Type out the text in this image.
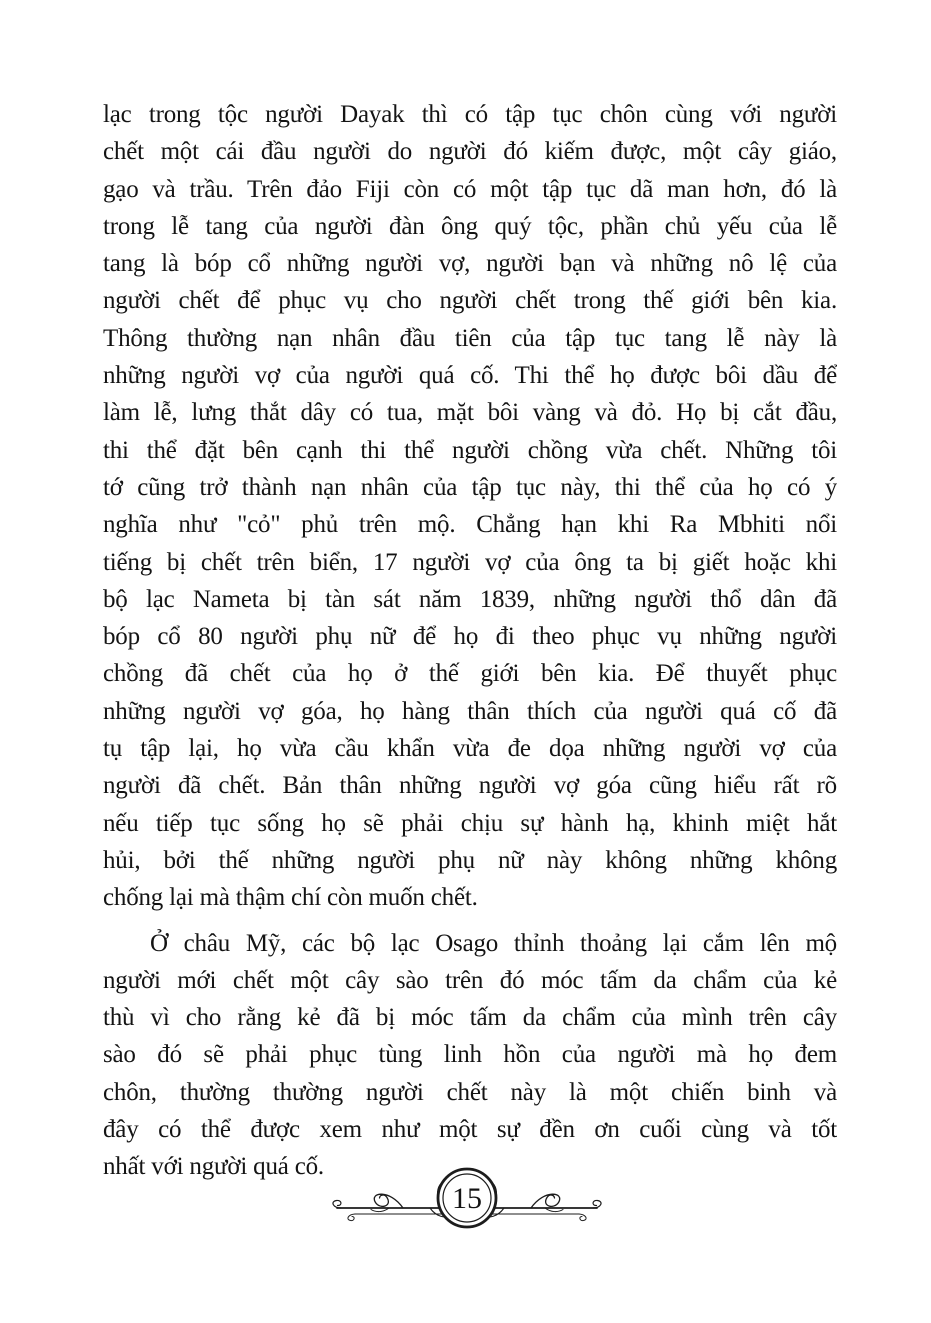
lạc trong tộc người Dayak thì có tập tục chôn cùng với người
chết một cái đầu người do người đó kiếm được, một cây giáo,
gạo và trầu. Trên đảo Fiji còn có một tập tục dã man hơn, đó là
trong lễ tang của người đàn ông quý tộc, phần chủ yếu của lễ
tang là bóp cổ những người vợ, người bạn và những nô lệ của
người chết để phục vụ cho người chết trong thế giới bên kia.
Thông thường nạn nhân đầu tiên của tập tục tang lễ này là
những người vợ của người quá cố. Thi thể họ được bôi dầu để
làm lễ, lưng thắt dây có tua, mặt bôi vàng và đỏ. Họ bị cắt đầu,
thi thể đặt bên cạnh thi thể người chồng vừa chết. Những tôi
tớ cũng trở thành nạn nhân của tập tục này, thi thể của họ có ý
nghĩa như "cỏ" phủ trên mộ. Chẳng hạn khi Ra Mbhiti nổi
tiếng bị chết trên biển, 17 người vợ của ông ta bị giết hoặc khi
bộ lạc Nameta bị tàn sát năm 1839, những người thổ dân đã
bóp cổ 80 người phụ nữ để họ đi theo phục vụ những người
chồng đã chết của họ ở thế giới bên kia. Để thuyết phục
những người vợ góa, họ hàng thân thích của người quá cố đã
tụ tập lại, họ vừa cầu khẩn vừa đe dọa những người vợ của
người đã chết. Bản thân những người vợ góa cũng hiểu rất rõ
nếu tiếp tục sống họ sẽ phải chịu sự hành hạ, khinh miệt hắt
hủi, bởi thế những người phụ nữ này không những không
chống lại mà thậm chí còn muốn chết.
Ở châu Mỹ, các bộ lạc Osago thỉnh thoảng lại cắm lên mộ
người mới chết một cây sào trên đó móc tấm da chẩm của kẻ
thù vì cho rằng kẻ đã bị móc tấm da chẩm của mình trên cây
sào đó sẽ phải phục tùng linh hồn của người mà họ đem
chôn, thường thường người chết này là một chiến binh và
đây có thể được xem như một sự đền ơn cuối cùng và tốt
nhất với người quá cố.
15
